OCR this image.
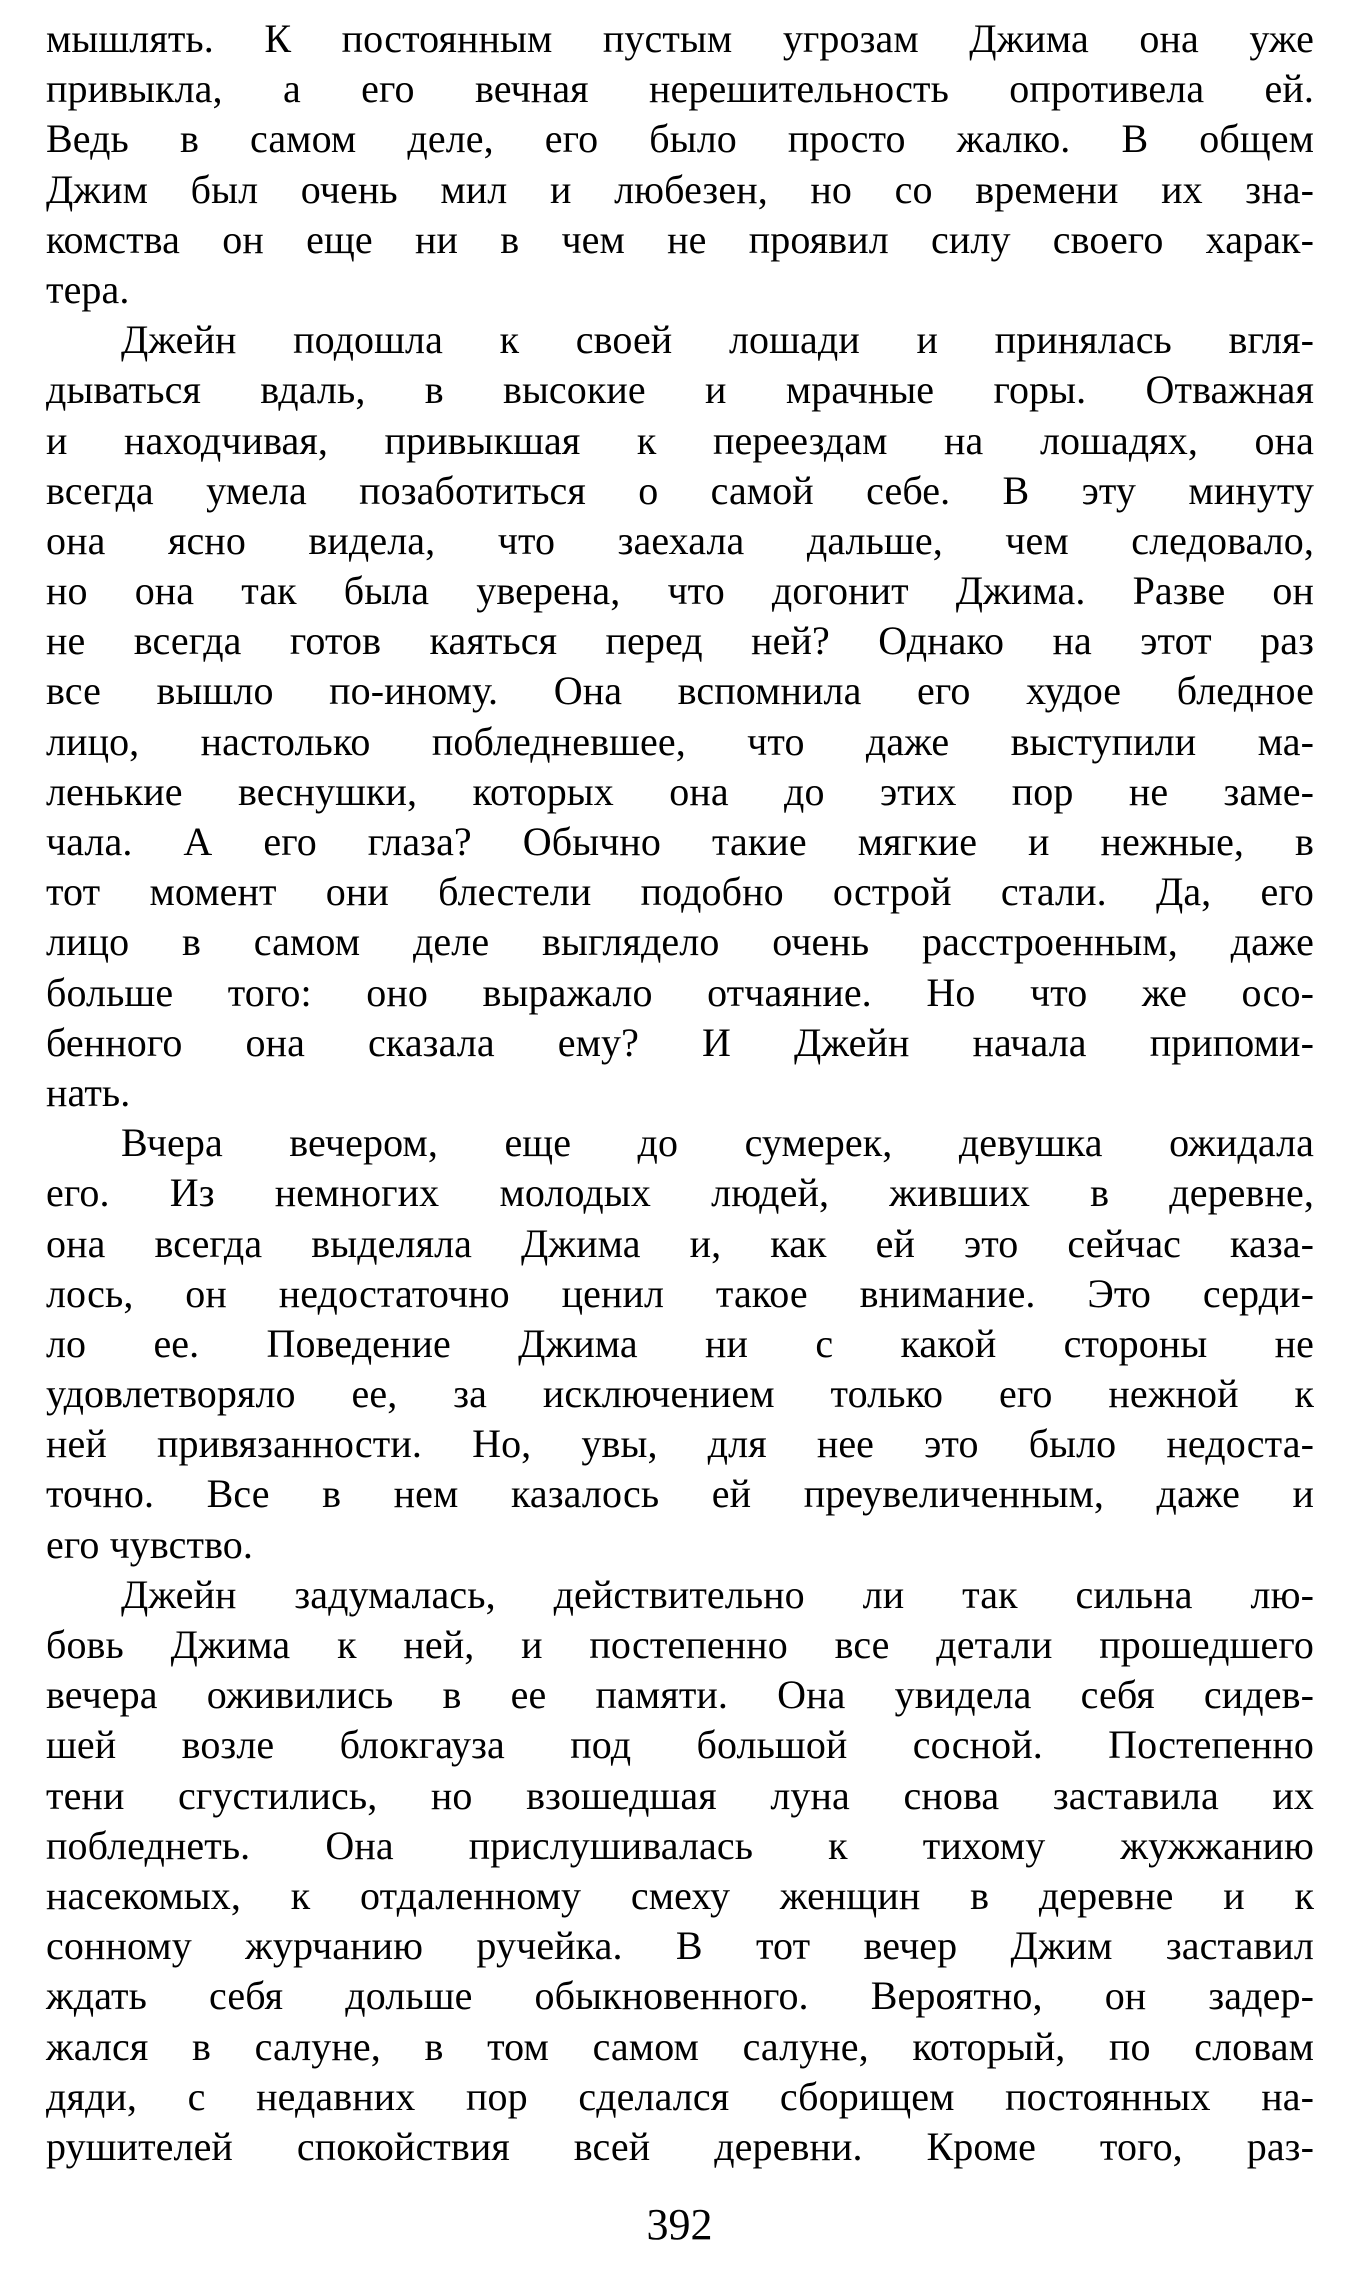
мышлять. К постоянным пустым угрозам Джима она уже
привыкла, а его вечная нерешительность опротивела ей.
Ведь в самом деле, его было просто жалко. В общем
Джим был очень мил и любезен, но со времени их зна-
комства он еще ни в чем не проявил силу своего харак-
тера.
Джейн подошла к своей лошади и принялась вгля-
дываться вдаль, в высокие и мрачные горы. Отважная
и находчивая, привыкшая к переездам на лошадях, она
всегда умела позаботиться о самой себе. В эту минуту
она ясно видела, что заехала дальше, чем следовало,
но она так была уверена, что догонит Джима. Разве он
не всегда готов каяться перед ней? Однако на этот раз
все вышло по-иному. Она вспомнила его худое бледное
лицо, настолько побледневшее, что даже выступили ма-
ленькие веснушки, которых она до этих пор не заме-
чала. А его глаза? Обычно такие мягкие и нежные, в
тот момент они блестели подобно острой стали. Да, его
лицо в самом деле выглядело очень расстроенным, даже
больше того: оно выражало отчаяние. Но что же осо-
бенного она сказала ему? И Джейн начала припоми-
нать.
Вчера вечером, еще до сумерек, девушка ожидала
его. Из немногих молодых людей, живших в деревне,
она всегда выделяла Джима и, как ей это сейчас каза-
лось, он недостаточно ценил такое внимание. Это серди-
ло ее. Поведение Джима ни с какой стороны не
удовлетворяло ее, за исключением только его нежной к
ней привязанности. Но, увы, для нее это было недоста-
точно. Все в нем казалось ей преувеличенным, даже и
его чувство.
Джейн задумалась, действительно ли так сильна лю-
бовь Джима к ней, и постепенно все детали прошедшего
вечера оживились в ее памяти. Она увидела себя сидев-
шей возле блокгауза под большой сосной. Постепенно
тени сгустились, но взошедшая луна снова заставила их
побледнеть. Она прислушивалась к тихому жужжанию
насекомых, к отдаленному смеху женщин в деревне и к
сонному журчанию ручейка. В тот вечер Джим заставил
ждать себя дольше обыкновенного. Вероятно, он задер-
жался в салуне, в том самом салуне, который, по словам
дяди, с недавних пор сделался сборищем постоянных на-
рушителей спокойствия всей деревни. Кроме того, раз-
392
